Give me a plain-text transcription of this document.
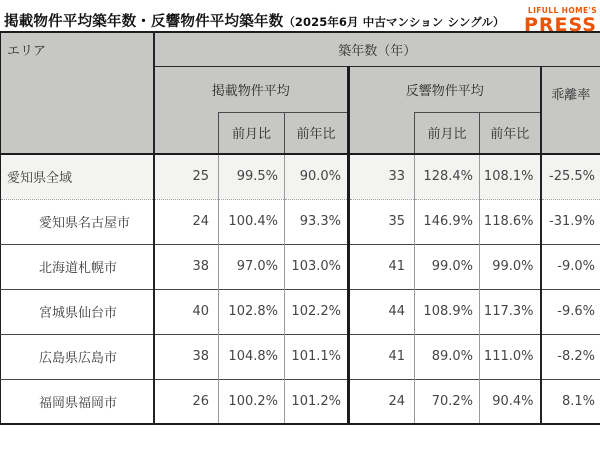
掲載物件平均築年数・反響物件平均築年数（2025年6月 中古マンション シングル）
LIFULL HOME'S
PRESS
エリア	築年数（年）						
	掲載物件平均			反響物件平均			乖離率
		前月比	前年比		前月比	前年比	
愛知県全域	25	99.5%	90.0%	33	128.4%	108.1%	-25.5%
愛知県名古屋市	24	100.4%	93.3%	35	146.9%	118.6%	-31.9%
北海道札幌市	38	97.0%	103.0%	41	99.0%	99.0%	-9.0%
宮城県仙台市	40	102.8%	102.2%	44	108.9%	117.3%	-9.6%
広島県広島市	38	104.8%	101.1%	41	89.0%	111.0%	-8.2%
福岡県福岡市	26	100.2%	101.2%	24	70.2%	90.4%	8.1%
